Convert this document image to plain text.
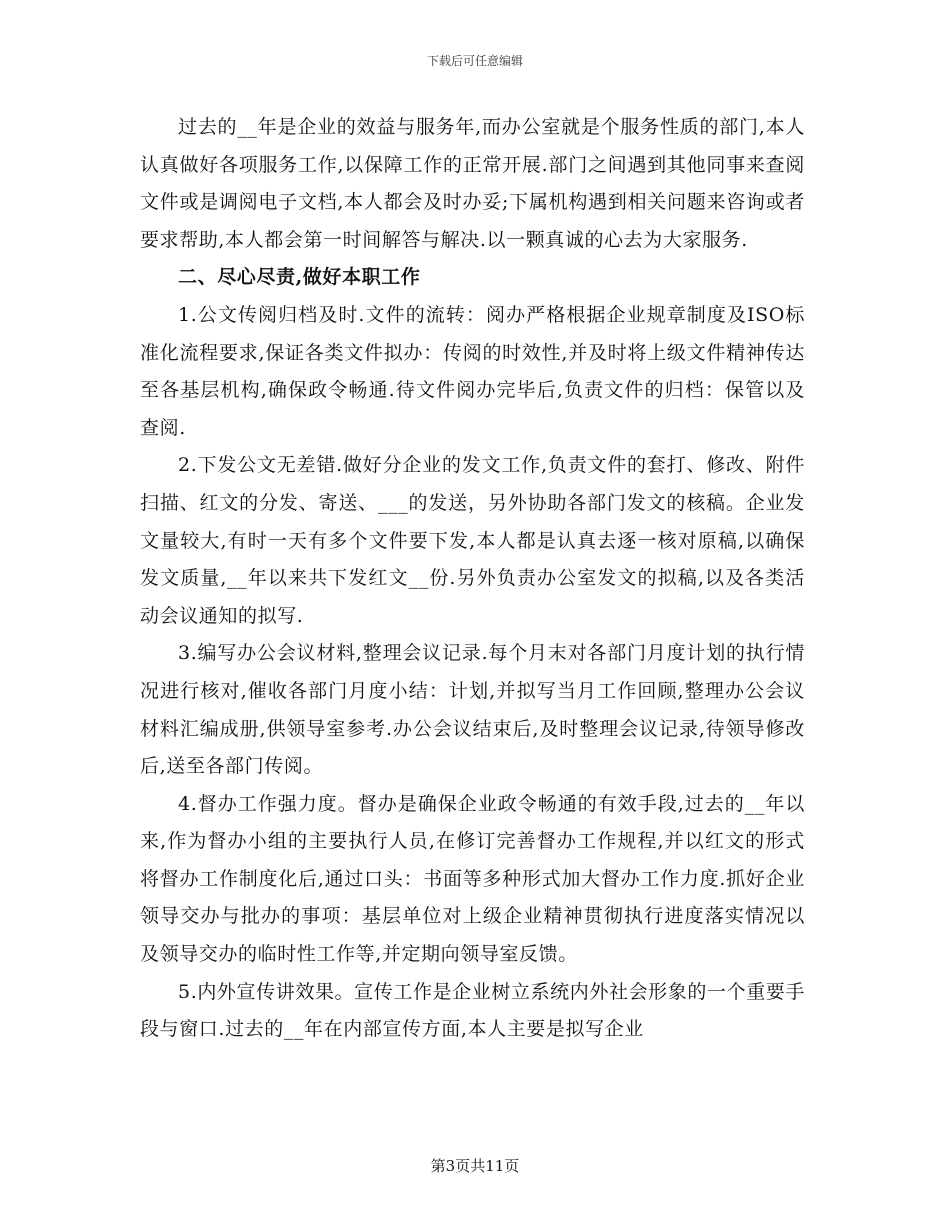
下载后可任意编辑

过去的__年是企业的效益与服务年,而办公室就是个服务性质的部门,本人认真做好各项服务工作,以保障工作的正常开展.部门之间遇到其他同事来查阅文件或是调阅电子文档,本人都会及时办妥;下属机构遇到相关问题来咨询或者要求帮助,本人都会第一时间解答与解决.以一颗真诚的心去为大家服务.

二、尽心尽责,做好本职工作

1.公文传阅归档及时.文件的流转：阅办严格根据企业规章制度及ISO标准化流程要求,保证各类文件拟办：传阅的时效性,并及时将上级文件精神传达至各基层机构,确保政令畅通.待文件阅办完毕后,负责文件的归档：保管以及查阅.

2.下发公文无差错.做好分企业的发文工作,负责文件的套打、修改、附件扫描、红文的分发、寄送、___的发送，另外协助各部门发文的核稿。企业发文量较大,有时一天有多个文件要下发,本人都是认真去逐一核对原稿,以确保发文质量,__年以来共下发红文__份.另外负责办公室发文的拟稿,以及各类活动会议通知的拟写.

3.编写办公会议材料,整理会议记录.每个月末对各部门月度计划的执行情况进行核对,催收各部门月度小结：计划,并拟写当月工作回顾,整理办公会议材料汇编成册,供领导室参考.办公会议结束后,及时整理会议记录,待领导修改后,送至各部门传阅。

4.督办工作强力度。督办是确保企业政令畅通的有效手段,过去的__年以来,作为督办小组的主要执行人员,在修订完善督办工作规程,并以红文的形式将督办工作制度化后,通过口头：书面等多种形式加大督办工作力度.抓好企业领导交办与批办的事项：基层单位对上级企业精神贯彻执行进度落实情况以及领导交办的临时性工作等,并定期向领导室反馈。

5.内外宣传讲效果。宣传工作是企业树立系统内外社会形象的一个重要手段与窗口.过去的__年在内部宣传方面,本人主要是拟写企业

第3页共11页
